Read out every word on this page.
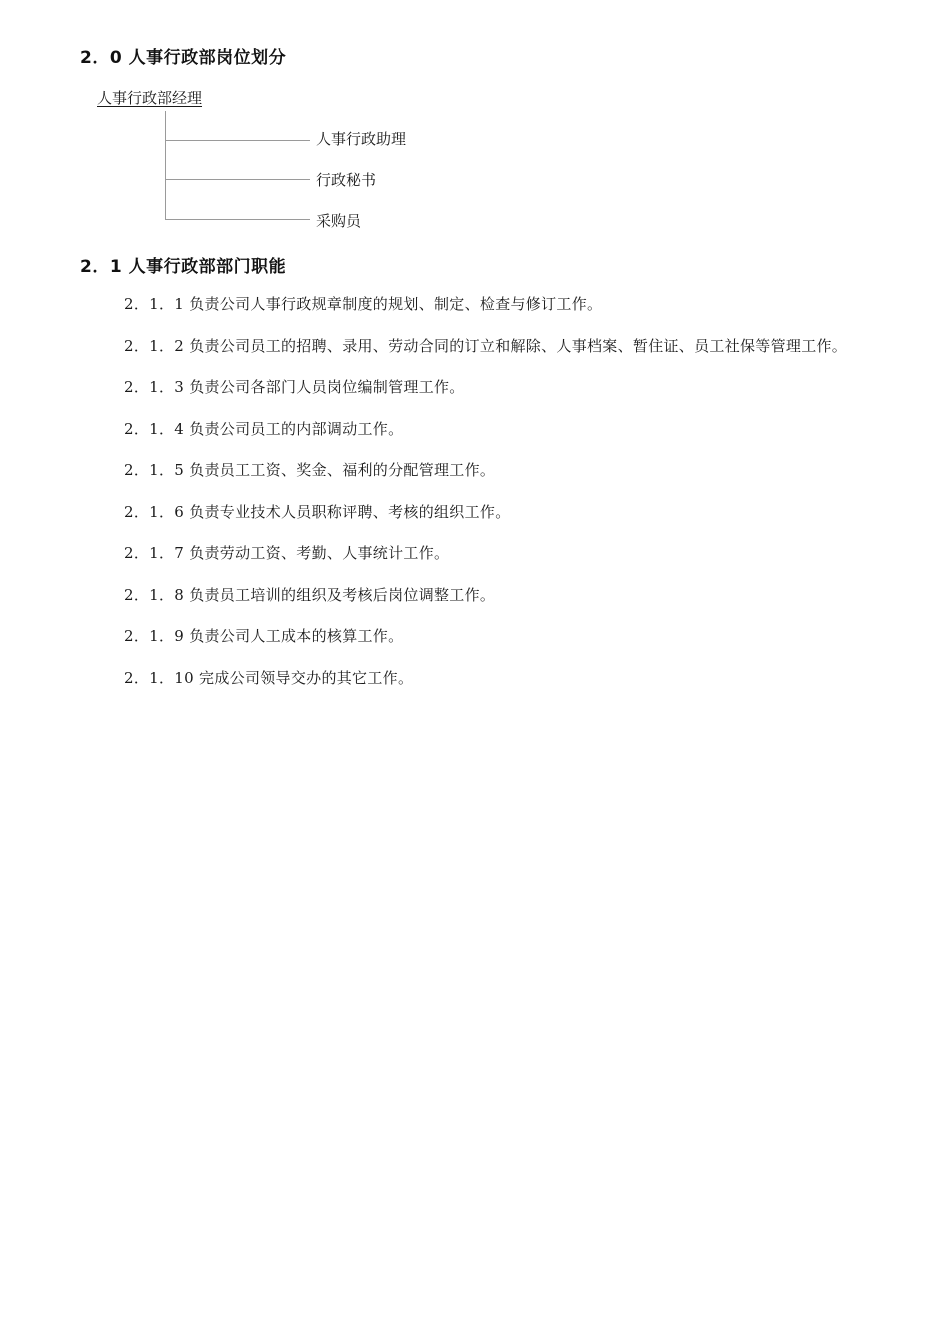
2．0 人事行政部岗位划分
人事行政部经理
人事行政助理
行政秘书
采购员
2．1 人事行政部部门职能

2．1．1 负责公司人事行政规章制度的规划、制定、检查与修订工作。

2．1．2 负责公司员工的招聘、录用、劳动合同的订立和解除、人事档案、暂住证、员工社保等管理工作。

2．1．3 负责公司各部门人员岗位编制管理工作。

2．1．4 负责公司员工的内部调动工作。

2．1．5 负责员工工资、奖金、福利的分配管理工作。

2．1．6 负责专业技术人员职称评聘、考核的组织工作。

2．1．7 负责劳动工资、考勤、人事统计工作。

2．1．8 负责员工培训的组织及考核后岗位调整工作。

2．1．9 负责公司人工成本的核算工作。

2．1．10 完成公司领导交办的其它工作。
